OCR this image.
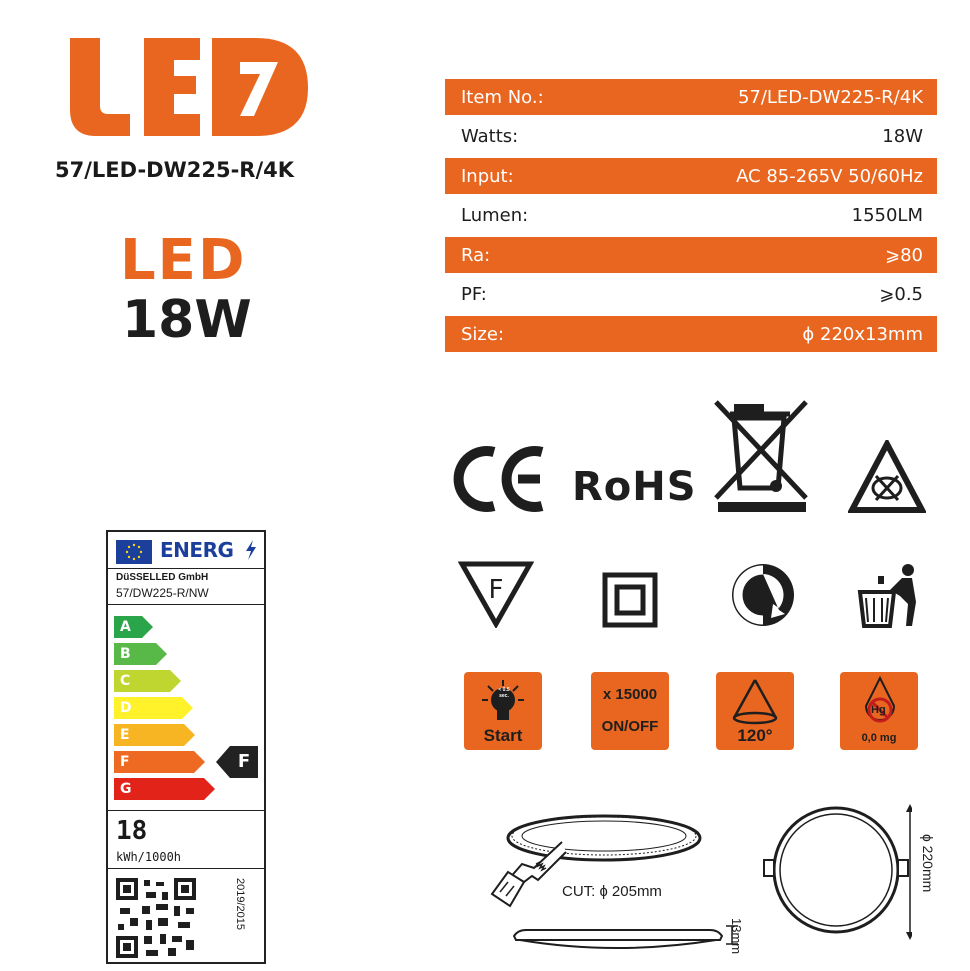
LED
57/LED-DW225-R/4K
LED
18W
Item No.:	57/LED-DW225-R/4K
Watts:	18W
Input:	AC 85-265V 50/60Hz
Lumen:	1550LM
Ra:	⩾80
PF:	⩾0.5
Size:	ɸ 220x13mm
RoHS
F
< 0.5
sec.
Start
x 15000
ON/OFF	120°
Hg
0,0 mg
ENERG
DüSSELLED GmbH
57/DW225-R/NW
A
B
C
D
E
F
G
F
18
kWh/1000h
2019/2015	CUT: ɸ 205mm
13mm
ɸ 220mm
